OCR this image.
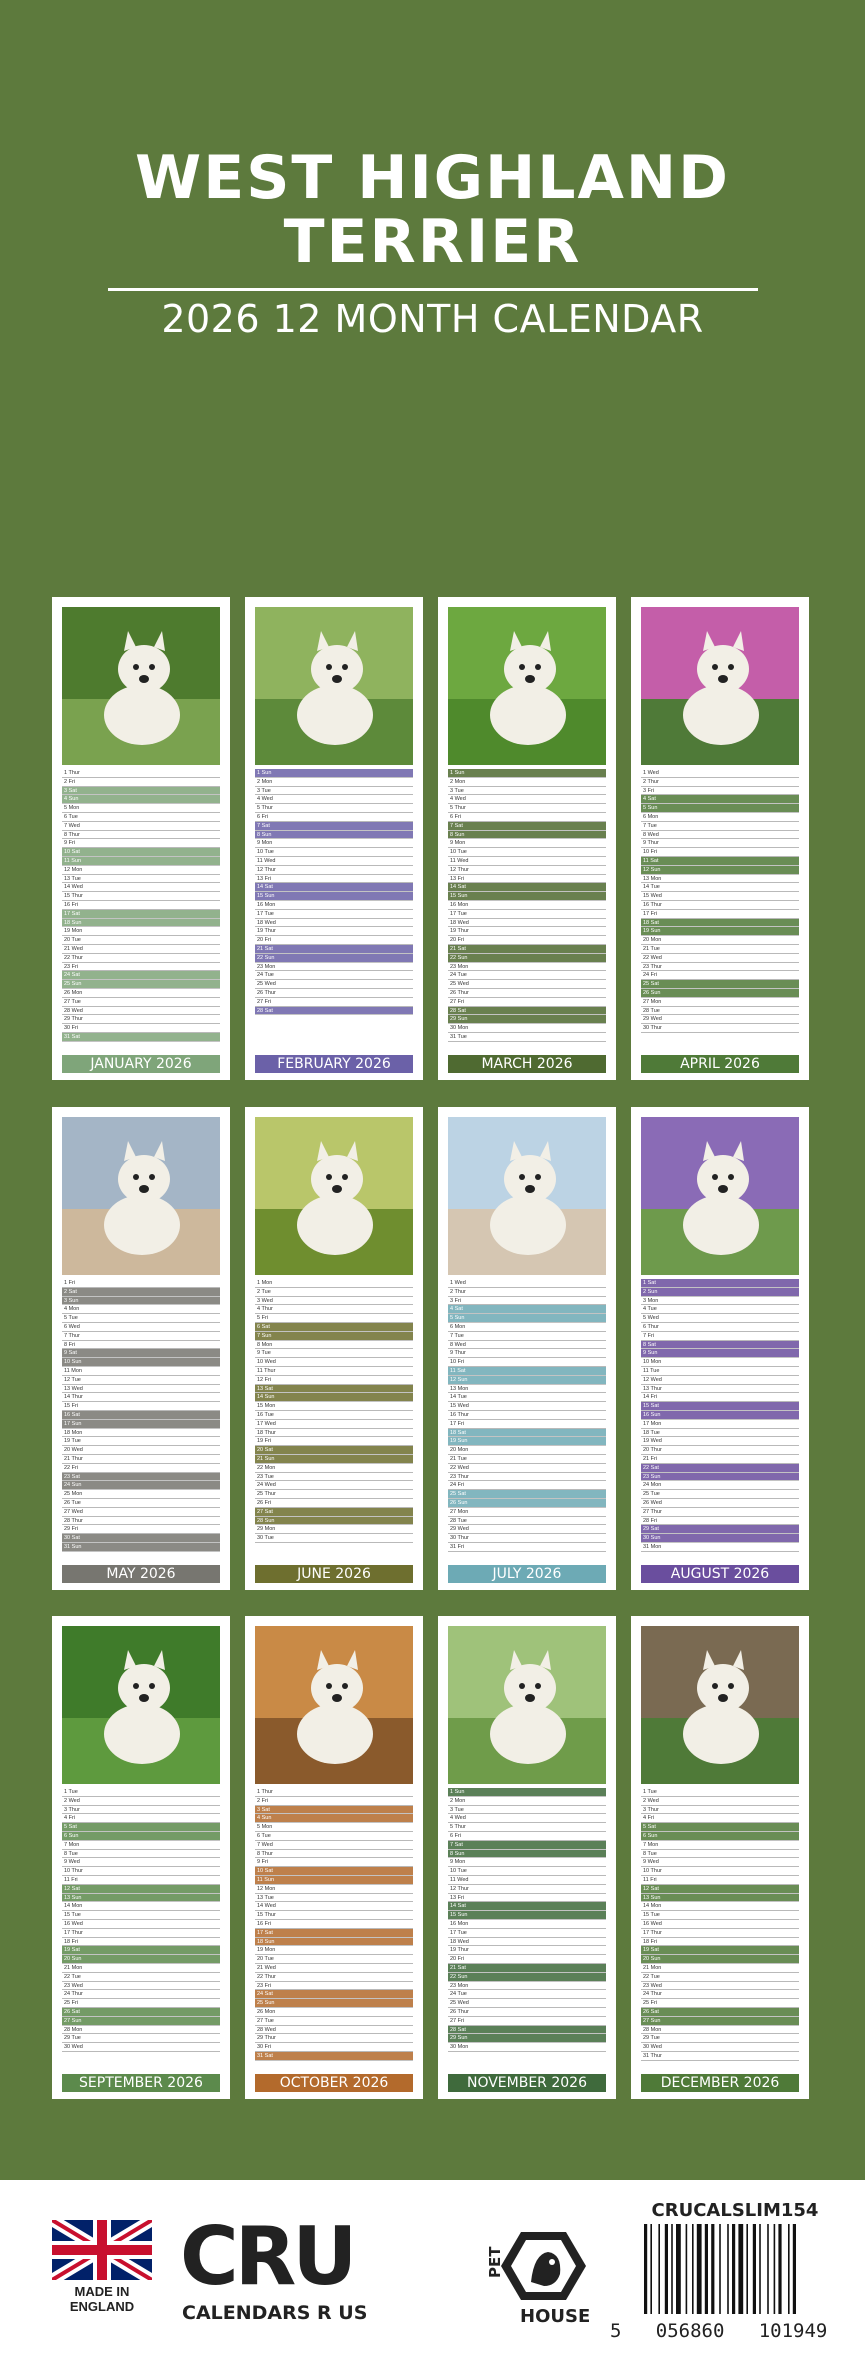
WEST HIGHLAND
TERRIER
2026 12 MONTH CALENDAR
1 Thur
2 Fri
3 Sat
4 Sun
5 Mon
6 Tue
7 Wed
8 Thur
9 Fri
10 Sat
11 Sun
12 Mon
13 Tue
14 Wed
15 Thur
16 Fri
17 Sat
18 Sun
19 Mon
20 Tue
21 Wed
22 Thur
23 Fri
24 Sat
25 Sun
26 Mon
27 Tue
28 Wed
29 Thur
30 Fri
31 Sat
JANUARY 2026
1 Sun
2 Mon
3 Tue
4 Wed
5 Thur
6 Fri
7 Sat
8 Sun
9 Mon
10 Tue
11 Wed
12 Thur
13 Fri
14 Sat
15 Sun
16 Mon
17 Tue
18 Wed
19 Thur
20 Fri
21 Sat
22 Sun
23 Mon
24 Tue
25 Wed
26 Thur
27 Fri
28 Sat
FEBRUARY 2026
1 Sun
2 Mon
3 Tue
4 Wed
5 Thur
6 Fri
7 Sat
8 Sun
9 Mon
10 Tue
11 Wed
12 Thur
13 Fri
14 Sat
15 Sun
16 Mon
17 Tue
18 Wed
19 Thur
20 Fri
21 Sat
22 Sun
23 Mon
24 Tue
25 Wed
26 Thur
27 Fri
28 Sat
29 Sun
30 Mon
31 Tue
MARCH 2026
1 Wed
2 Thur
3 Fri
4 Sat
5 Sun
6 Mon
7 Tue
8 Wed
9 Thur
10 Fri
11 Sat
12 Sun
13 Mon
14 Tue
15 Wed
16 Thur
17 Fri
18 Sat
19 Sun
20 Mon
21 Tue
22 Wed
23 Thur
24 Fri
25 Sat
26 Sun
27 Mon
28 Tue
29 Wed
30 Thur
APRIL 2026
1 Fri
2 Sat
3 Sun
4 Mon
5 Tue
6 Wed
7 Thur
8 Fri
9 Sat
10 Sun
11 Mon
12 Tue
13 Wed
14 Thur
15 Fri
16 Sat
17 Sun
18 Mon
19 Tue
20 Wed
21 Thur
22 Fri
23 Sat
24 Sun
25 Mon
26 Tue
27 Wed
28 Thur
29 Fri
30 Sat
31 Sun
MAY 2026
1 Mon
2 Tue
3 Wed
4 Thur
5 Fri
6 Sat
7 Sun
8 Mon
9 Tue
10 Wed
11 Thur
12 Fri
13 Sat
14 Sun
15 Mon
16 Tue
17 Wed
18 Thur
19 Fri
20 Sat
21 Sun
22 Mon
23 Tue
24 Wed
25 Thur
26 Fri
27 Sat
28 Sun
29 Mon
30 Tue
JUNE 2026
1 Wed
2 Thur
3 Fri
4 Sat
5 Sun
6 Mon
7 Tue
8 Wed
9 Thur
10 Fri
11 Sat
12 Sun
13 Mon
14 Tue
15 Wed
16 Thur
17 Fri
18 Sat
19 Sun
20 Mon
21 Tue
22 Wed
23 Thur
24 Fri
25 Sat
26 Sun
27 Mon
28 Tue
29 Wed
30 Thur
31 Fri
JULY 2026
1 Sat
2 Sun
3 Mon
4 Tue
5 Wed
6 Thur
7 Fri
8 Sat
9 Sun
10 Mon
11 Tue
12 Wed
13 Thur
14 Fri
15 Sat
16 Sun
17 Mon
18 Tue
19 Wed
20 Thur
21 Fri
22 Sat
23 Sun
24 Mon
25 Tue
26 Wed
27 Thur
28 Fri
29 Sat
30 Sun
31 Mon
AUGUST 2026
1 Tue
2 Wed
3 Thur
4 Fri
5 Sat
6 Sun
7 Mon
8 Tue
9 Wed
10 Thur
11 Fri
12 Sat
13 Sun
14 Mon
15 Tue
16 Wed
17 Thur
18 Fri
19 Sat
20 Sun
21 Mon
22 Tue
23 Wed
24 Thur
25 Fri
26 Sat
27 Sun
28 Mon
29 Tue
30 Wed
SEPTEMBER 2026
1 Thur
2 Fri
3 Sat
4 Sun
5 Mon
6 Tue
7 Wed
8 Thur
9 Fri
10 Sat
11 Sun
12 Mon
13 Tue
14 Wed
15 Thur
16 Fri
17 Sat
18 Sun
19 Mon
20 Tue
21 Wed
22 Thur
23 Fri
24 Sat
25 Sun
26 Mon
27 Tue
28 Wed
29 Thur
30 Fri
31 Sat
OCTOBER 2026
1 Sun
2 Mon
3 Tue
4 Wed
5 Thur
6 Fri
7 Sat
8 Sun
9 Mon
10 Tue
11 Wed
12 Thur
13 Fri
14 Sat
15 Sun
16 Mon
17 Tue
18 Wed
19 Thur
20 Fri
21 Sat
22 Sun
23 Mon
24 Tue
25 Wed
26 Thur
27 Fri
28 Sat
29 Sun
30 Mon
NOVEMBER 2026
1 Tue
2 Wed
3 Thur
4 Fri
5 Sat
6 Sun
7 Mon
8 Tue
9 Wed
10 Thur
11 Fri
12 Sat
13 Sun
14 Mon
15 Tue
16 Wed
17 Thur
18 Fri
19 Sat
20 Sun
21 Mon
22 Tue
23 Wed
24 Thur
25 Fri
26 Sat
27 Sun
28 Mon
29 Tue
30 Wed
31 Thur
DECEMBER 2026
MADE IN
ENGLAND
CRU
CALENDARS R US
PET
HOUSE
CRUCALSLIM154
5   056860   101949
